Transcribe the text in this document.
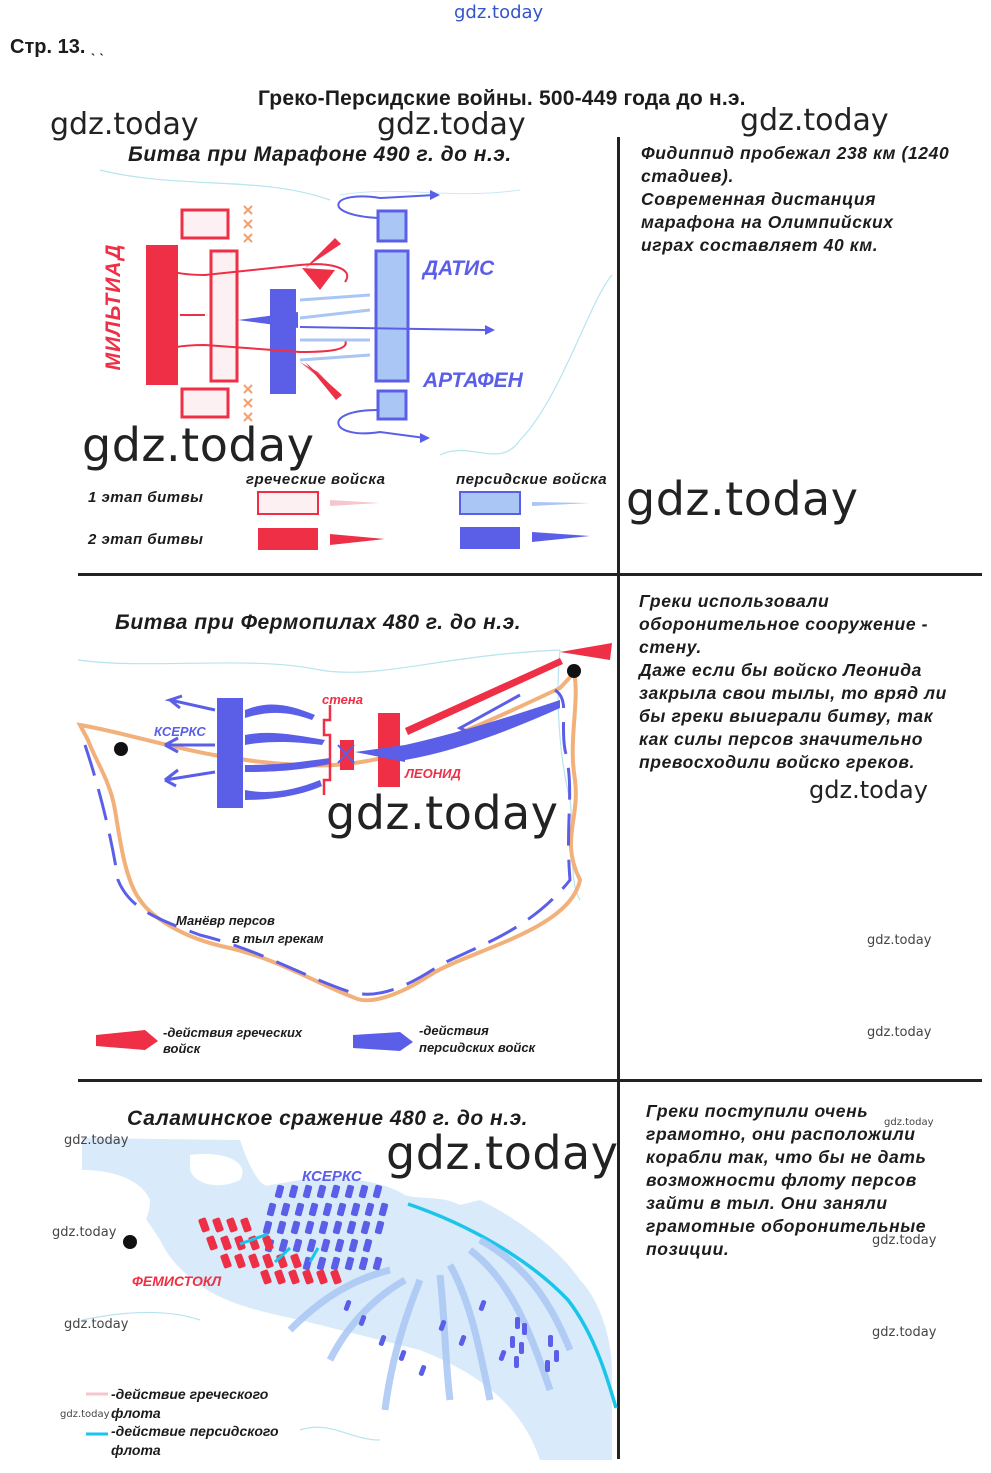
gdz.today
Стр. 13. ˎ ˎ
Греко-Персидские войны. 500-449 года до н.э.
Битва при Марафоне 490 г. до н.э.
МИЛЬТИАД	ДАТИС
АРТАФЕН
греческие войска	персидские войска
1 этап битвы
2 этап битвы
Фидиппид пробежал 238 км (1240
стадиев).
Современная дистанция
марафона на Олимпийских
играх составляет 40 км.
Битва при Фермопилах 480 г. до н.э.
КСЕРКС
стена
ЛЕОНИД
Манёвр персов
в тыл грекам
-действия греческих
войск
-действия
персидских войск
Греки использовали
оборонительное сооружение -
стену.
Даже если бы войско Леонида
закрыла свои тылы, то вряд ли
бы греки выиграли битву, так
как силы персов значительно
превосходили войско греков.
Саламинское сражение 480 г. до н.э.
КСЕРКС
ФЕМИСТОКЛ
-действие греческого
флота
-действие персидского
флота
Греки поступили очень
грамотно, они расположили
корабли так, что бы не дать
возможности флоту персов
зайти в тыл. Они заняли
грамотные оборонительные
позиции.
gdz.today	gdz.today	gdz.today
gdz.today
gdz.today
gdz.today	gdz.today
gdz.today
gdz.today
gdz.today
gdz.today
gdz.today
gdz.today
gdz.today
gdz.today
gdz.today
gdz.today
